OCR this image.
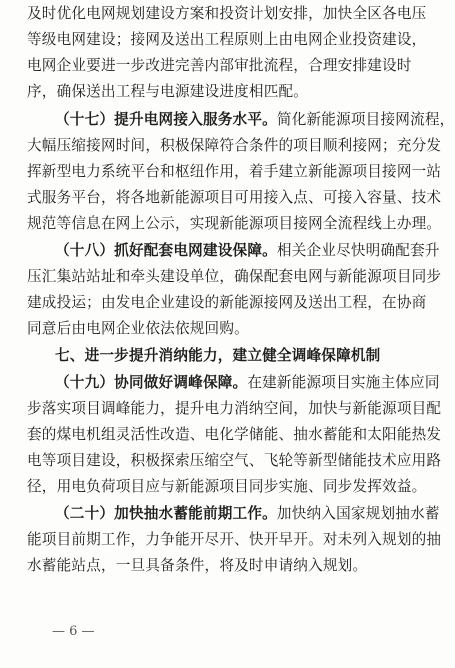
及时优化电网规划建设方案和投资计划安排，加快全区各电压
等级电网建设；接网及送出工程原则上由电网企业投资建设，
电网企业要进一步改进完善内部审批流程，合理安排建设时
序，确保送出工程与电源建设进度相匹配。
（十七）提升电网接入服务水平。简化新能源项目接网流程，
大幅压缩接网时间，积极保障符合条件的项目顺利接网；充分发
挥新型电力系统平台和枢纽作用，着手建立新能源项目接网一站
式服务平台，将各地新能源项目可用接入点、可接入容量、技术
规范等信息在网上公示，实现新能源项目接网全流程线上办理。
（十八）抓好配套电网建设保障。相关企业尽快明确配套升
压汇集站站址和牵头建设单位，确保配套电网与新能源项目同步
建成投运；由发电企业建设的新能源接网及送出工程，在协商
同意后由电网企业依法依规回购。
七、进一步提升消纳能力，建立健全调峰保障机制
（十九）协同做好调峰保障。在建新能源项目实施主体应同
步落实项目调峰能力，提升电力消纳空间，加快与新能源项目配
套的煤电机组灵活性改造、电化学储能、抽水蓄能和太阳能热发
电等项目建设，积极探索压缩空气、飞轮等新型储能技术应用路
径，用电负荷项目应与新能源项目同步实施、同步发挥效益。
（二十）加快抽水蓄能前期工作。加快纳入国家规划抽水蓄
能项目前期工作，力争能开尽开、快开早开。对未列入规划的抽
水蓄能站点，一旦具备条件，将及时申请纳入规划。
— 6 —
